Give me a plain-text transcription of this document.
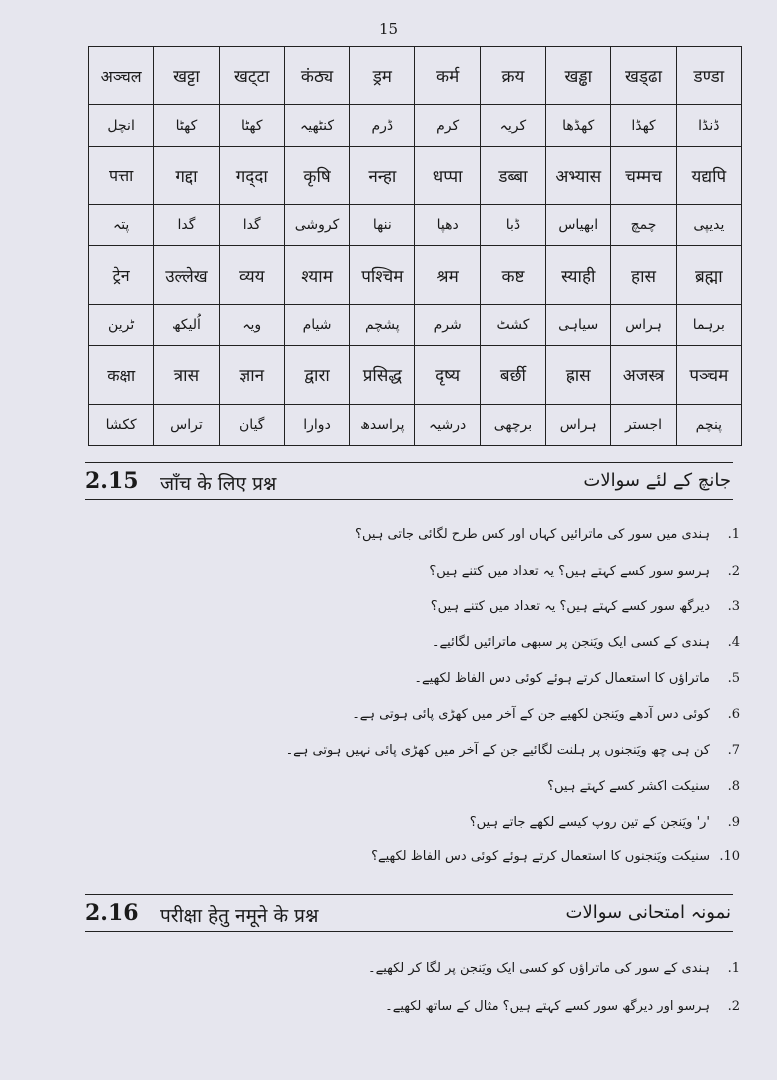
15
अञ्चल	खट्टा	खट्‌टा	कंठ्य	ड्रम	कर्म	क्रय	खड्ढा	खड्‌ढा	डण्डा
انچل	کھٹا	کھٹا	کنٹھیہ	ڈرم	کرم	کریہ	کھڈھا	کھڈا	ڈنڈا
पत्ता	गद्दा	गद्‌दा	कृषि	नन्हा	धप्पा	डब्बा	अभ्यास	चम्मच	यद्यपि
پتہ	گدا	گدا	کروشی	ننھا	دھپا	ڈبا	ابھیاس	چمچ	یدیپی
ट्रेन	उल्लेख	व्यय	श्याम	पश्चिम	श्रम	कष्ट	स्याही	हास	ब्रह्मा
ٹرین	اُلیکھ	ویہ	شیام	پشچم	شرم	کشٹ	سیاہی	ہراس	برہما
कक्षा	त्रास	ज्ञान	द्वारा	प्रसिद्ध	दृष्य	बर्छी	ह्रास	अजस्त्र	पञ्चम
ککشا	تراس	گیان	دوارا	پراسدھ	درشیہ	برچھی	ہراس	اجستر	پنچم
2.15 जाँच के लिए प्रश्न	جانچ کے لئے سوالات
.1
ہندی میں سور کی ماترائیں کہاں اور کس طرح لگائی جاتی ہیں؟
.2
ہرسو سور کسے کہتے ہیں؟ یہ تعداد میں کتنے ہیں؟
.3
دیرگھ سور کسے کہتے ہیں؟ یہ تعداد میں کتنے ہیں؟
.4
ہندی کے کسی ایک ویَنجن پر سبھی ماترائیں لگائیے۔
.5
ماتراؤں کا استعمال کرتے ہوئے کوئی دس الفاظ لکھیے۔
.6
کوئی دس آدھے ویَنجن لکھیے جن کے آخر میں کھڑی پائی ہوتی ہے۔
.7
کن ہی چھ ویَنجنوں پر ہلنت لگائیے جن کے آخر میں کھڑی پائی نہیں ہوتی ہے۔
.8
سنیکت اکشر کسے کہتے ہیں؟
.9
'ر' ویَنجن کے تین روپ کیسے لکھے جاتے ہیں؟
.10
سنیکت ویَنجنوں کا استعمال کرتے ہوئے کوئی دس الفاظ لکھیے؟
2.16 परीक्षा हेतु नमूने के प्रश्न	نمونہ امتحانی سوالات
.1
ہندی کے سور کی ماتراؤں کو کسی ایک ویَنجن پر لگا کر لکھیے۔
.2
ہرسو اور دیرگھ سور کسے کہتے ہیں؟ مثال کے ساتھ لکھیے۔
